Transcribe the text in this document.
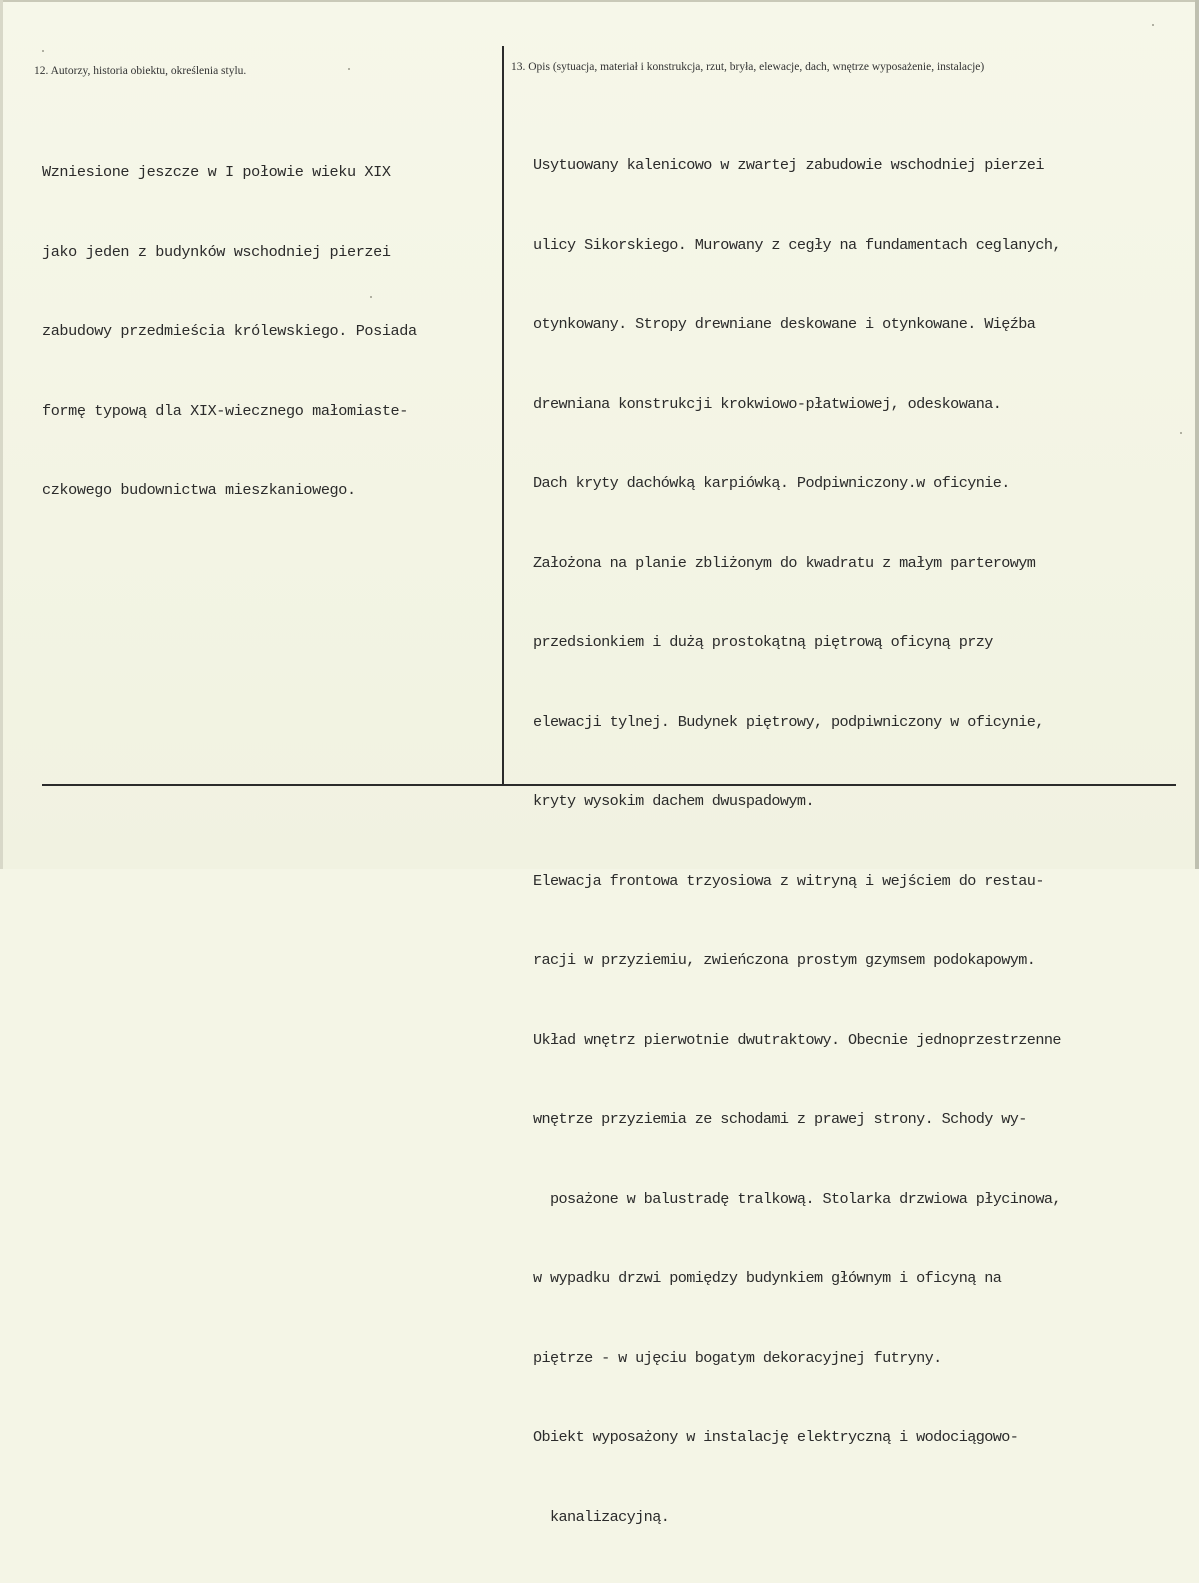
12. Autorzy, historia obiektu, określenia stylu.	13. Opis (sytuacja, materiał i konstrukcja, rzut, bryła, elewacje, dach, wnętrze wyposażenie, instalacje)

Wzniesione jeszcze w I połowie wieku XIX

jako jeden z budynków wschodniej pierzei

zabudowy przedmieścia królewskiego. Posiada

formę typową dla XIX-wiecznego małomiaste-

czkowego budownictwa mieszkaniowego.

Usytuowany kalenicowo w zwartej zabudowie wschodniej pierzei

ulicy Sikorskiego. Murowany z cegły na fundamentach ceglanych,

otynkowany. Stropy drewniane deskowane i otynkowane. Więźba

drewniana konstrukcji krokwiowo-płatwiowej, odeskowana.

Dach kryty dachówką karpiówką. Podpiwniczony.w oficynie.

Założona na planie zbliżonym do kwadratu z małym parterowym

przedsionkiem i dużą prostokątną piętrową oficyną przy

elewacji tylnej. Budynek piętrowy, podpiwniczony w oficynie,

kryty wysokim dachem dwuspadowym.

Elewacja frontowa trzyosiowa z witryną i wejściem do restau-

racji w przyziemiu, zwieńczona prostym gzymsem podokapowym.

Układ wnętrz pierwotnie dwutraktowy. Obecnie jednoprzestrzenne

wnętrze przyziemia ze schodami z prawej strony. Schody wy-

posażone w balustradę tralkową. Stolarka drzwiowa płycinowa,

w wypadku drzwi pomiędzy budynkiem głównym i oficyną na

piętrze - w ujęciu bogatym dekoracyjnej futryny.

Obiekt wyposażony w instalację elektryczną i wodociągowo-

kanalizacyjną.
